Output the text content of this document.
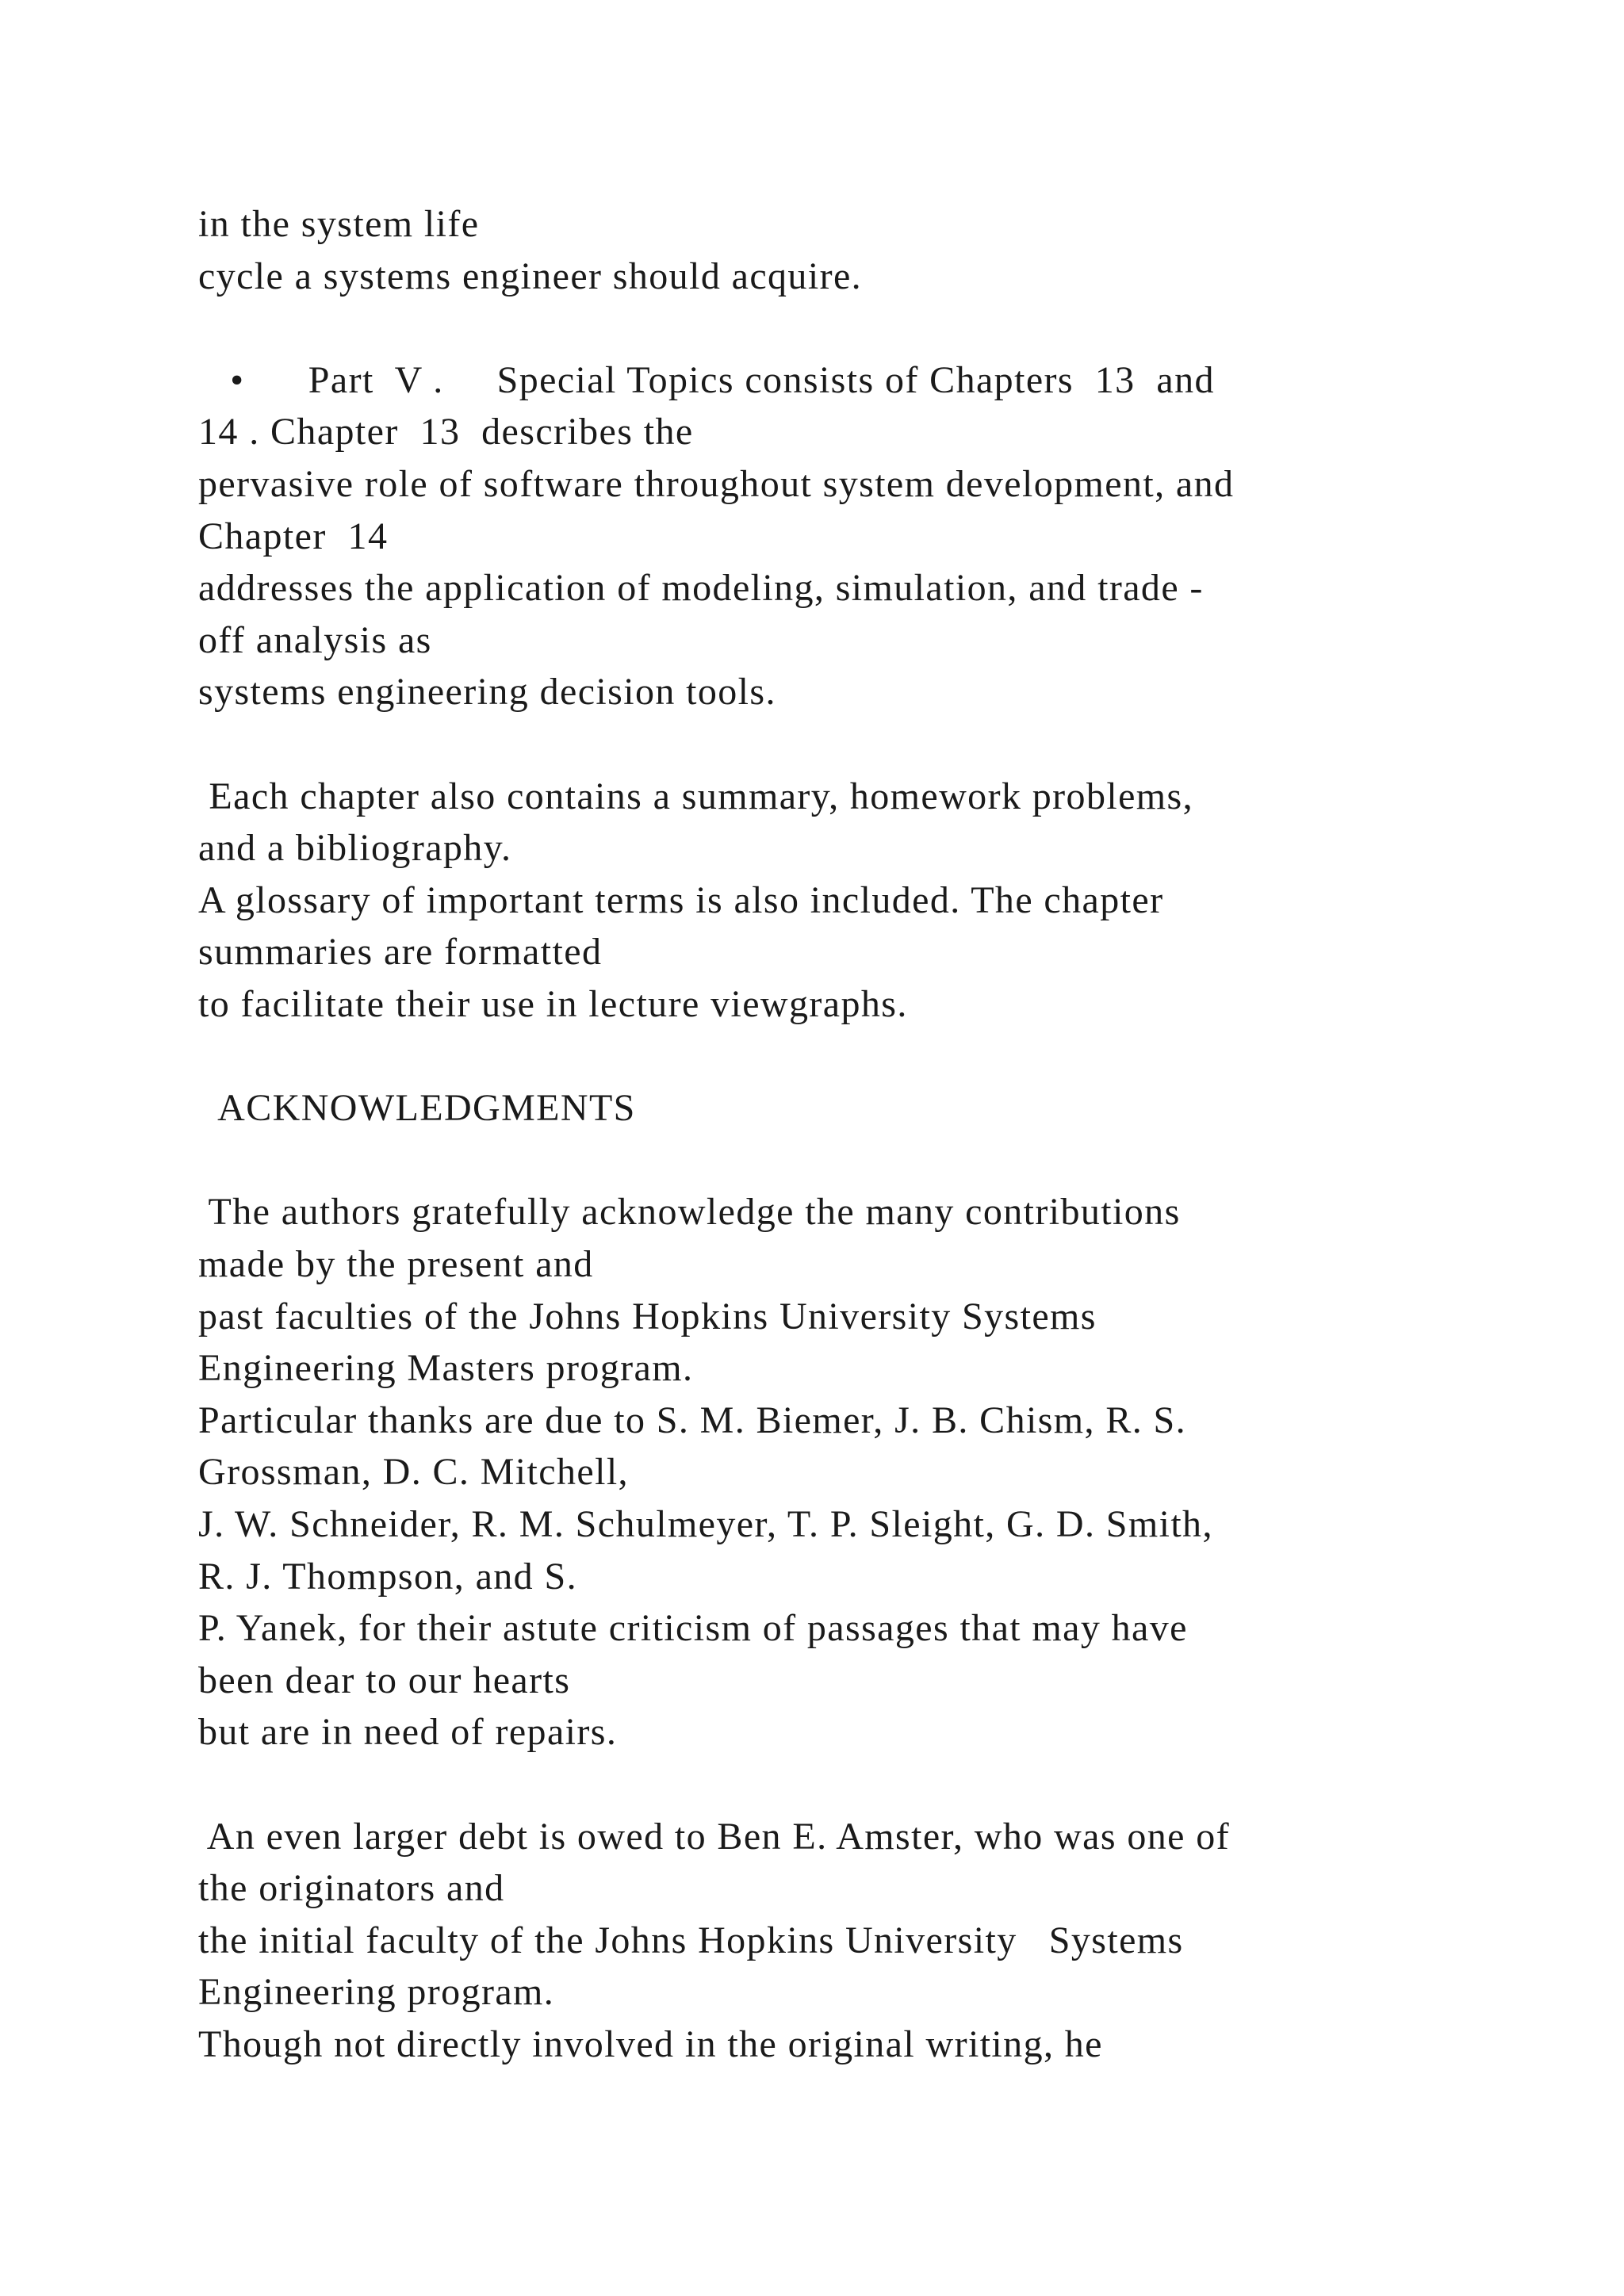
in the system life
cycle a systems engineer should acquire.
•      Part  V .     Special Topics consists of Chapters  13  and
14 . Chapter  13  describes the
pervasive role of software throughout system development, and
Chapter  14
addresses the application of modeling, simulation, and trade -
off analysis as
systems engineering decision tools.
Each chapter also contains a summary, homework problems,
and a bibliography.
A glossary of important terms is also included. The chapter
summaries are formatted
to facilitate their use in lecture viewgraphs.
ACKNOWLEDGMENTS
The authors gratefully acknowledge the many contributions
made by the present and
past faculties of the Johns Hopkins University Systems
Engineering Masters program.
Particular thanks are due to S. M. Biemer, J. B. Chism, R. S.
Grossman, D. C. Mitchell,
J. W. Schneider, R. M. Schulmeyer, T. P. Sleight, G. D. Smith,
R. J. Thompson, and S.
P. Yanek, for their astute criticism of passages that may have
been dear to our hearts
but are in need of repairs.
An even larger debt is owed to Ben E. Amster, who was one of
the originators and
the initial faculty of the Johns Hopkins University   Systems
Engineering program.
Though not directly involved in the original writing, he
